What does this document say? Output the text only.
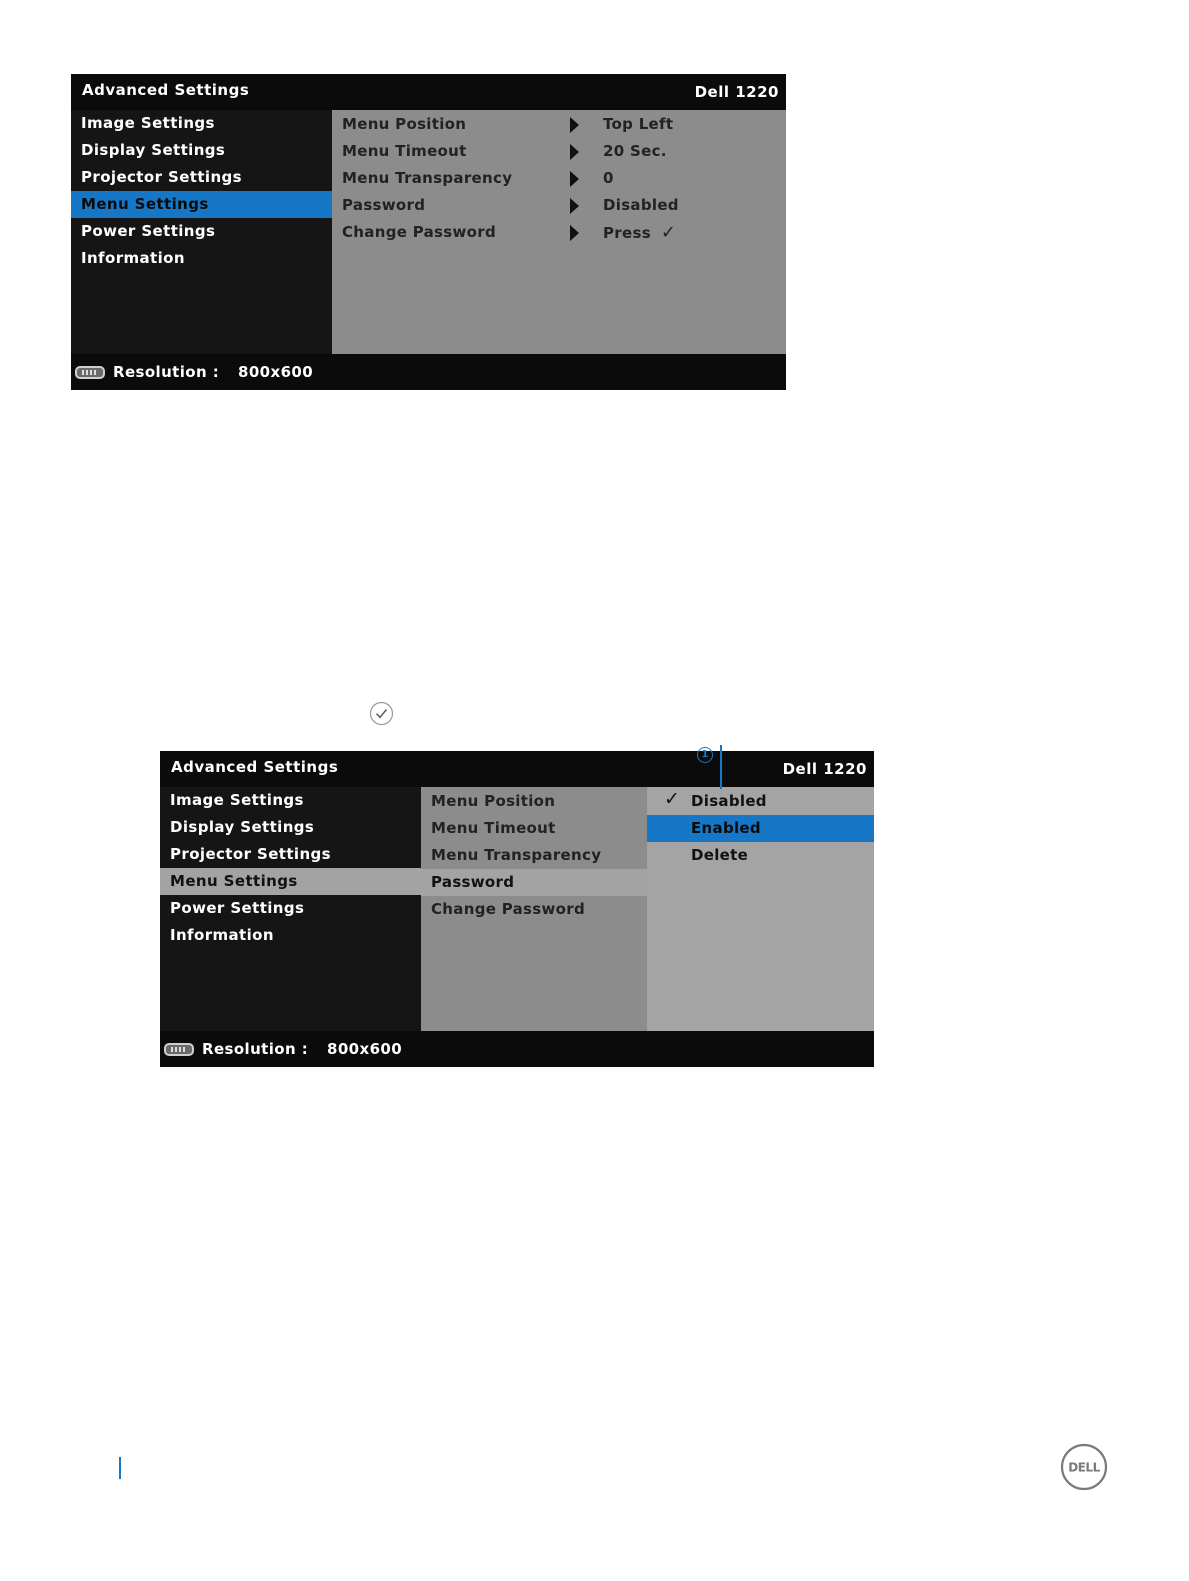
Advanced Settings	Dell 1220
Image Settings
Display Settings
Projector Settings
Menu Settings
Power Settings
Information
Menu Position	Top Left
Menu Timeout	20 Sec.
Menu Transparency	0
Password	Disabled
Change Password	Press ✓
Resolution : 800x600
Advanced Settings	Dell 1220
Image Settings
Display Settings
Projector Settings
Menu Settings
Power Settings
Information
Menu Position
Menu Timeout
Menu Transparency
Password
Change Password
✓ Disabled
Enabled
Delete
Resolution : 800x600
1
DELL
